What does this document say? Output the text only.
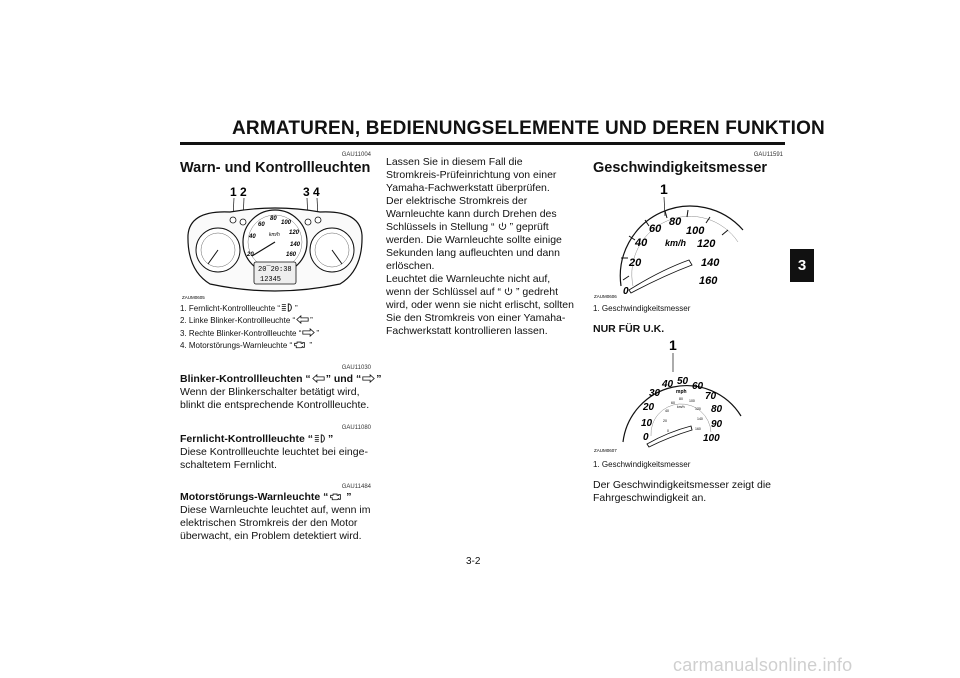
ARMATUREN, BEDIENUNGSELEMENTE UND DEREN FUNKTION
3
GAU11004
Warn- und Kontrollleuchten
1 2	3 4
20
40
60
80
100
120
140
160
km/h
20¯20:38
12345
ZAUM0605
1. Fernlicht-Kontrollleuchte “ ”
2. Linke Blinker-Kontrollleuchte “ ”
3. Rechte Blinker-Kontrollleuchte “ ”
4. Motorstörungs-Warnleuchte “ ”
GAU11030
Blinker-Kontrollleuchten “ ” und “ ”
Wenn der Blinkerschalter betätigt wird, blinkt die entsprechende Kontrollleuchte.
GAU11080
Fernlicht-Kontrollleuchte “ ”
Diese Kontrollleuchte leuchtet bei eingeschaltetem Fernlicht.
GAU11484
Motorstörungs-Warnleuchte “ ”
Diese Warnleuchte leuchtet auf, wenn im elektrischen Stromkreis der den Motor überwacht, ein Problem detektiert wird.
Lassen Sie in diesem Fall die Stromkreis-Prüfeinrichtung von einer Yamaha-Fachwerkstatt überprüfen.
Der elektrische Stromkreis der Warnleuchte kann durch Drehen des Schlüssels in Stellung “ ” geprüft werden. Die Warnleuchte sollte einige Sekunden lang aufleuchten und dann erlöschen.
Leuchtet die Warnleuchte nicht auf, wenn der Schlüssel auf “ ” gedreht wird, oder wenn sie nicht erlischt, sollten Sie den Stromkreis von einer Yamaha-Fachwerkstatt kontrollieren lassen.
GAU11591
Geschwindigkeitsmesser
1
0
20
40
60
80
100
120
140
160
km/h
ZAUM0606
1. Geschwindigkeitsmesser
NUR FÜR U.K.
1
0
10
20
30
40 50 60
70
80
90
100
mph
0
20
40
60
80 100
120
140
160
km/h
ZAUM0607
1. Geschwindigkeitsmesser
Der Geschwindigkeitsmesser zeigt die Fahrgeschwindigkeit an.
3-2
carmanualsonline.info
